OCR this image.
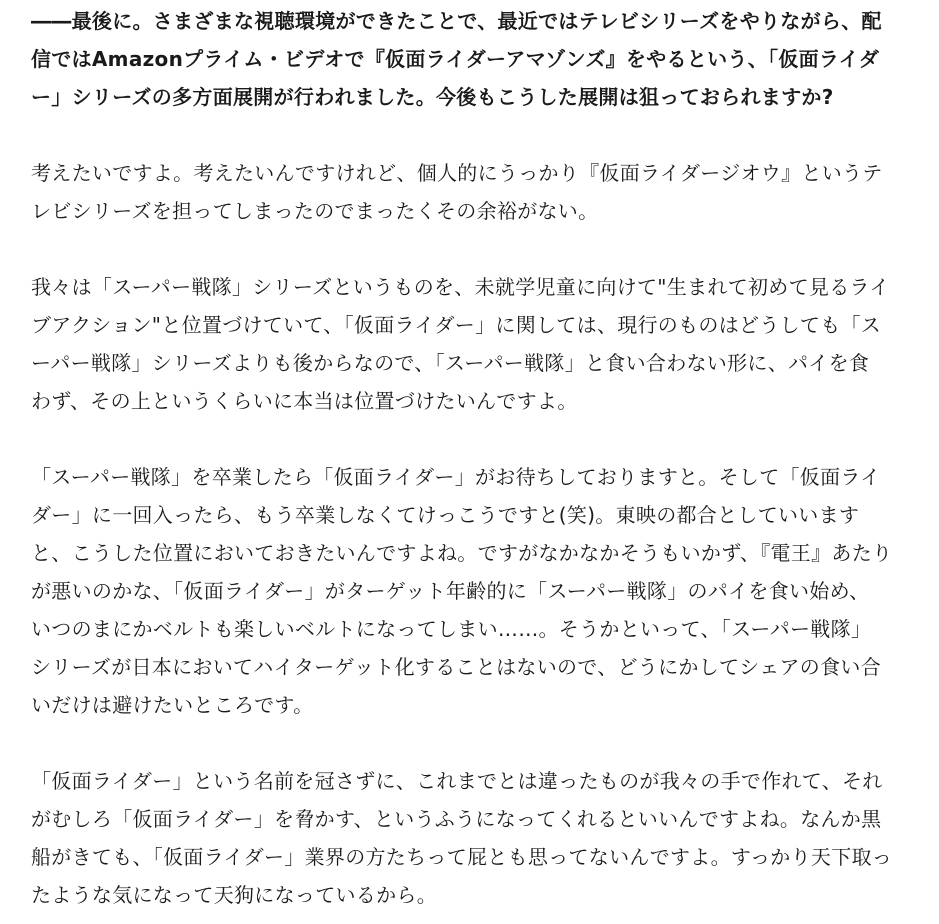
――最後に。さまざまな視聴環境ができたことで、最近ではテレビシリーズをやりながら、配
信ではAmazonプライム・ビデオで『仮面ライダーアマゾンズ』をやるという、「仮面ライダ
ー」シリーズの多方面展開が行われました。今後もこうした展開は狙っておられますか?

考えたいですよ。考えたいんですけれど、個人的にうっかり『仮面ライダージオウ』というテ
レビシリーズを担ってしまったのでまったくその余裕がない。

我々は「スーパー戦隊」シリーズというものを、未就学児童に向けて"生まれて初めて見るライ
ブアクション"と位置づけていて、「仮面ライダー」に関しては、現行のものはどうしても「ス
ーパー戦隊」シリーズよりも後からなので、「スーパー戦隊」と食い合わない形に、パイを食
わず、その上というくらいに本当は位置づけたいんですよ。

「スーパー戦隊」を卒業したら「仮面ライダー」がお待ちしておりますと。そして「仮面ライ
ダー」に一回入ったら、もう卒業しなくてけっこうですと(笑)。東映の都合としていいます
と、こうした位置においておきたいんですよね。ですがなかなかそうもいかず、『電王』あたり
が悪いのかな、「仮面ライダー」がターゲット年齢的に「スーパー戦隊」のパイを食い始め、
いつのまにかベルトも楽しいベルトになってしまい……。そうかといって、「スーパー戦隊」
シリーズが日本においてハイターゲット化することはないので、どうにかしてシェアの食い合
いだけは避けたいところです。

「仮面ライダー」という名前を冠さずに、これまでとは違ったものが我々の手で作れて、それ
がむしろ「仮面ライダー」を脅かす、というふうになってくれるといいんですよね。なんか黒
船がきても、「仮面ライダー」業界の方たちって屁とも思ってないんですよ。すっかり天下取っ
たような気になって天狗になっているから。
